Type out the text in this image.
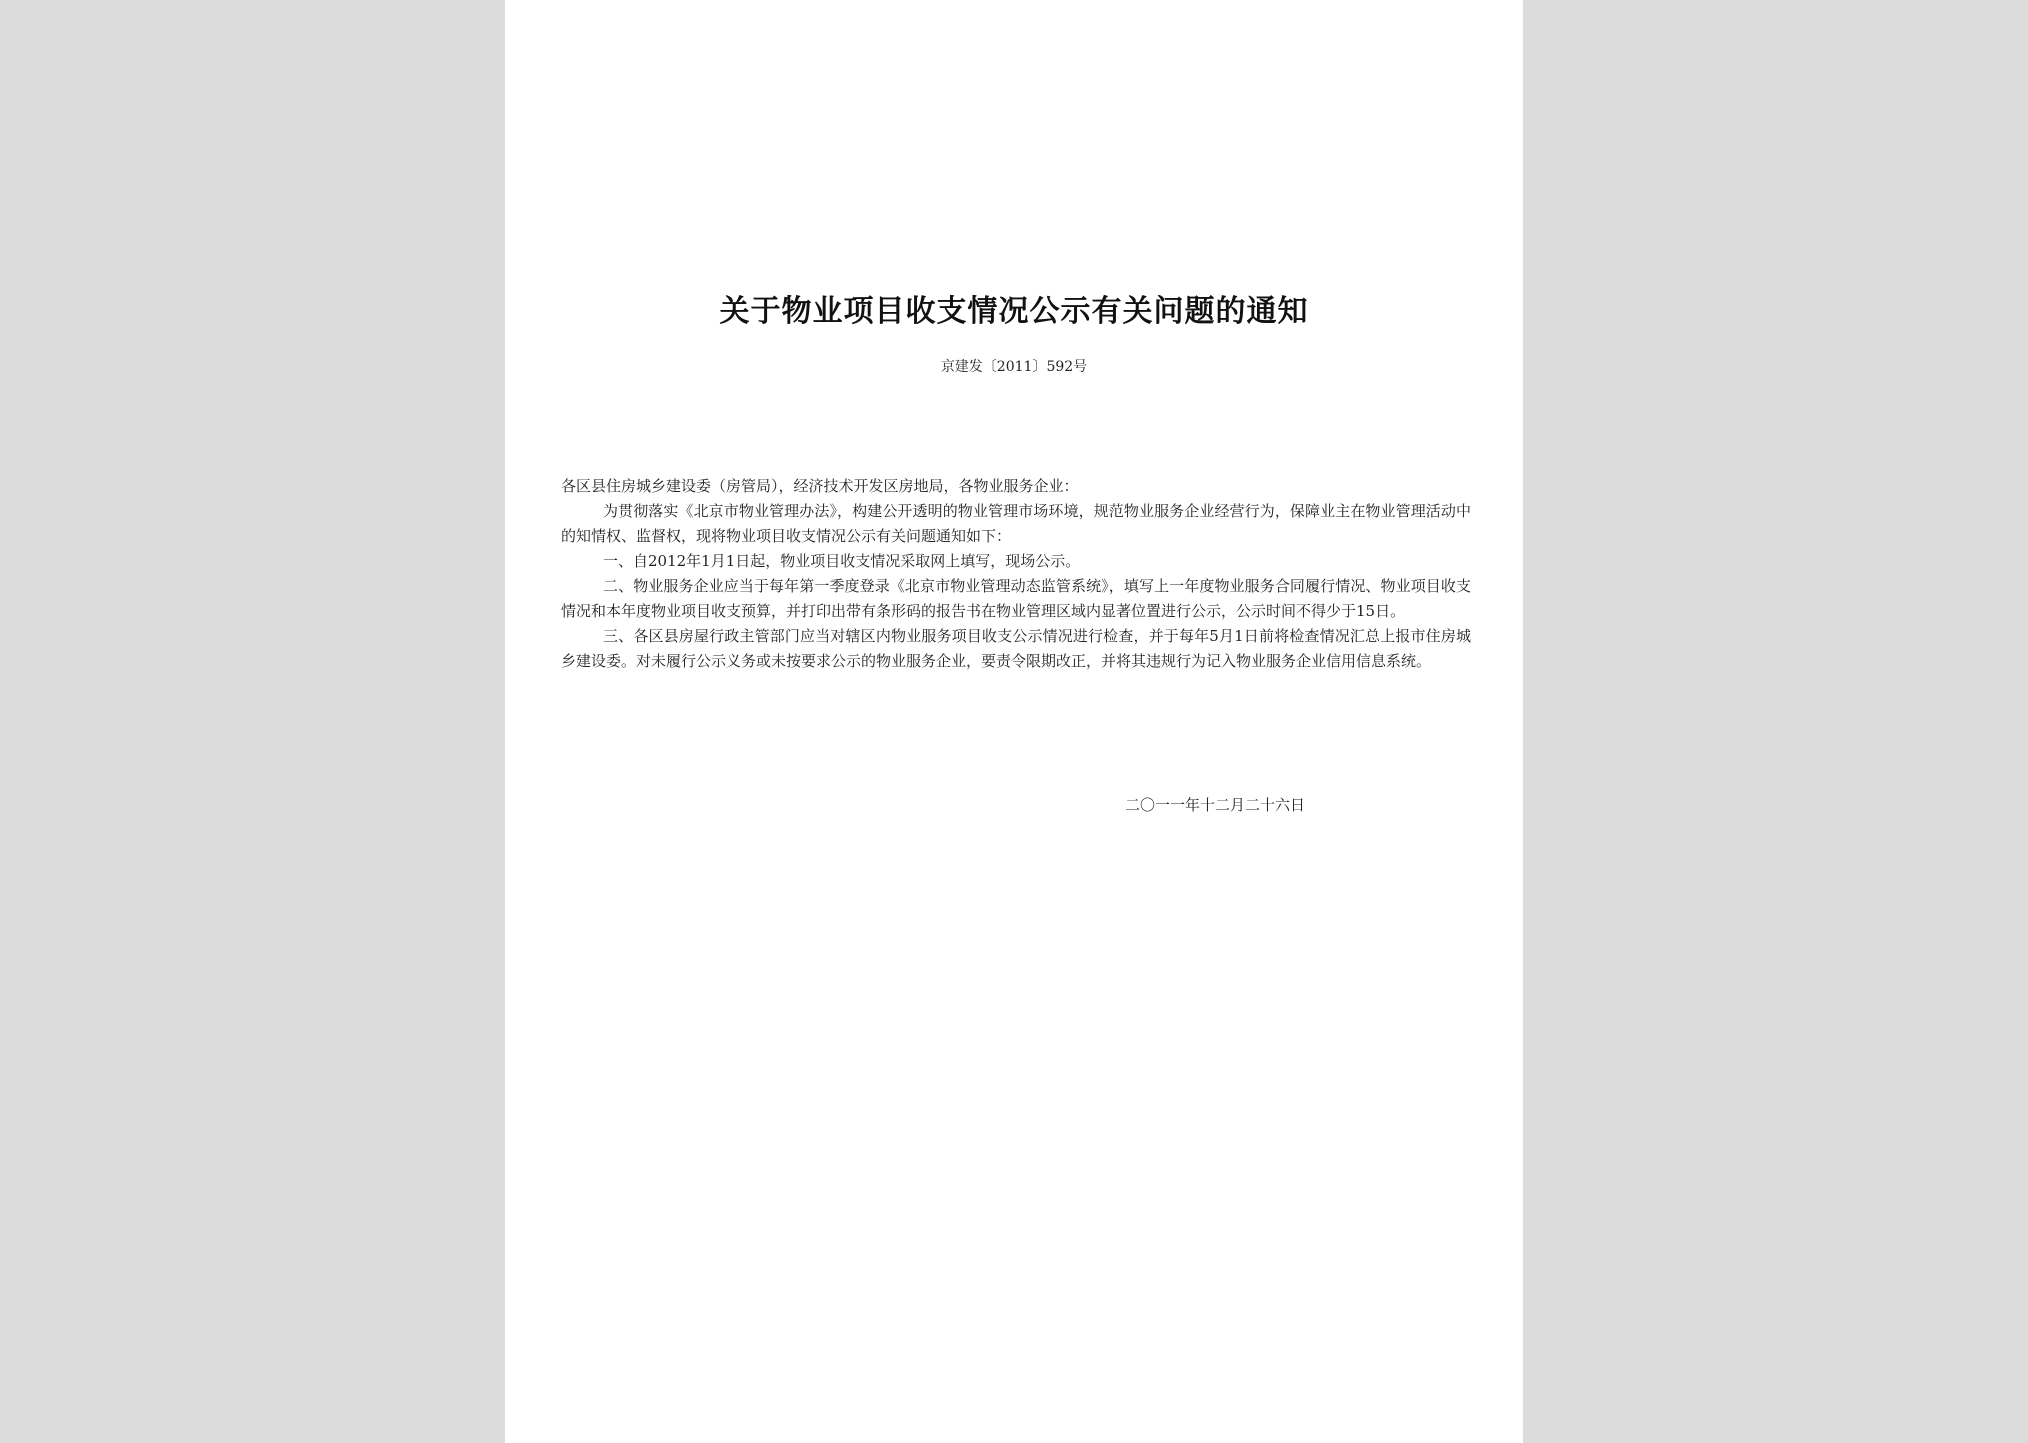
关于物业项目收支情况公示有关问题的通知
京建发〔2011〕592号

各区县住房城乡建设委（房管局），经济技术开发区房地局，各物业服务企业：

为贯彻落实《北京市物业管理办法》，构建公开透明的物业管理市场环境，规范物业服务企业经营行为，保障业主在物业管理活动中的知情权、监督权，现将物业项目收支情况公示有关问题通知如下：

一、自2012年1月1日起，物业项目收支情况采取网上填写，现场公示。

二、物业服务企业应当于每年第一季度登录《北京市物业管理动态监管系统》，填写上一年度物业服务合同履行情况、物业项目收支情况和本年度物业项目收支预算，并打印出带有条形码的报告书在物业管理区域内显著位置进行公示，公示时间不得少于15日。

三、各区县房屋行政主管部门应当对辖区内物业服务项目收支公示情况进行检查，并于每年5月1日前将检查情况汇总上报市住房城乡建设委。对未履行公示义务或未按要求公示的物业服务企业，要责令限期改正，并将其违规行为记入物业服务企业信用信息系统。

二〇一一年十二月二十六日
